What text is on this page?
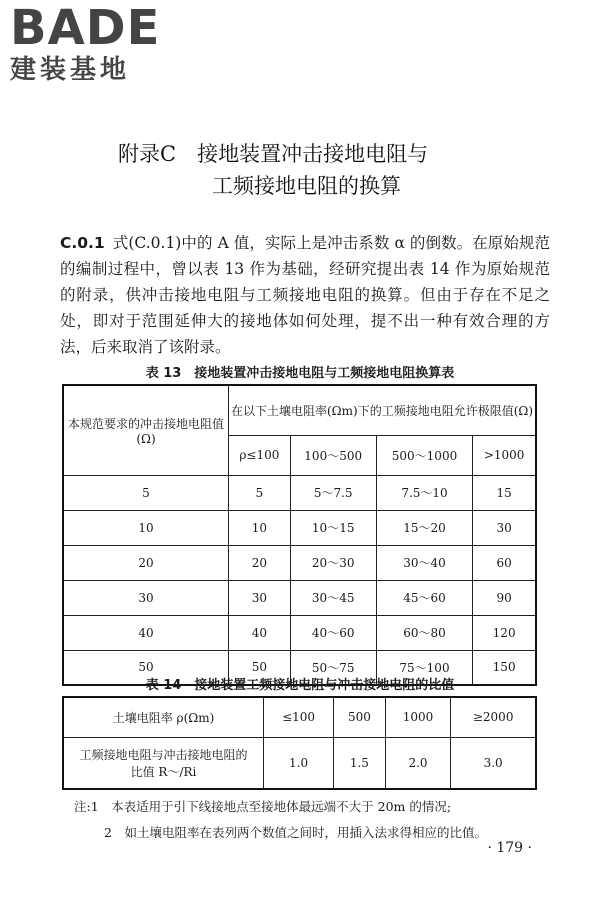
BADE
建装基地
附录C　接地装置冲击接地电阻与
工频接地电阻的换算
C.0.1 式(C.0.1)中的 A 值，实际上是冲击系数 α 的倒数。在原始规范的编制过程中，曾以表 13 作为基础，经研究提出表 14 作为原始规范的附录，供冲击接地电阻与工频接地电阻的换算。但由于存在不足之处，即对于范围延伸大的接地体如何处理，提不出一种有效合理的方法，后来取消了该附录。
表 13　接地装置冲击接地电阻与工频接地电阻换算表
本规范要求的冲击接地电阻值(Ω)	在以下土壤电阻率(Ωm)下的工频接地电阻允许极限值(Ω)			
	ρ≤100	100～500	500～1000	>1000
5	5	5～7.5	7.5～10	15
10	10	10～15	15～20	30
20	20	20～30	30～40	60
30	30	30～45	45～60	90
40	40	40～60	60～80	120
50	50	50～75	75～100	150
表 14　接地装置工频接地电阻与冲击接地电阻的比值
土壤电阻率 ρ(Ωm)	≤100	500	1000	≥2000
工频接地电阻与冲击接地电阻的比值 R～/Ri	1.0	1.5	2.0	3.0
注:1　本表适用于引下线接地点至接地体最远端不大于 20m 的情况;
2　如土壤电阻率在表列两个数值之间时，用插入法求得相应的比值。
· 179 ·
